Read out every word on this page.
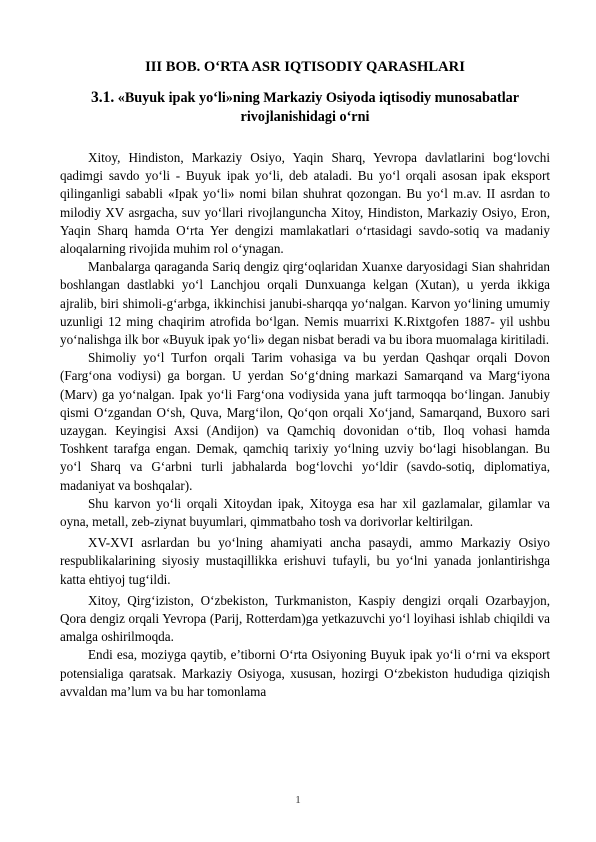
III BOB. O‘RTA ASR IQTISODIY QARASHLARI
3.1. «Buyuk ipak yo‘li»ning Markaziy Osiyoda iqtisodiy munosabatlar rivojlanishidagi o‘rni

Xitoy, Hindiston, Markaziy Osiyo, Yaqin Sharq, Yevropa davlatlarini bog‘lovchi qadimgi savdo yo‘li - Buyuk ipak yo‘li, deb ataladi. Bu yo‘l orqali asosan ipak eksport qilinganligi sababli «Ipak yo‘li» nomi bilan shuhrat qozongan. Bu yo‘l m.av. II asrdan to milodiy XV asrgacha, suv yo‘llari rivojlanguncha Xitoy, Hindiston, Markaziy Osiyo, Eron, Yaqin Sharq hamda O‘rta Yer dengizi mamlakatlari o‘rtasidagi savdo-sotiq va madaniy aloqalarning rivojida muhim rol o‘ynagan.

Manbalarga qaraganda Sariq dengiz qirg‘oqlaridan Xuanxe daryosidagi Sian shahridan boshlangan dastlabki yo‘l Lanchjou orqali Dunxuanga kelgan (Xutan), u yerda ikkiga ajralib, biri shimoli-g‘arbga, ikkinchisi janubi-sharqqa yo‘nalgan. Karvon yo‘lining umumiy uzunligi 12 ming chaqirim atrofida bo‘lgan. Nemis muarrixi K.Rixtgofen 1887- yil ushbu yo‘nalishga ilk bor «Buyuk ipak yo‘li» degan nisbat beradi va bu ibora muomalaga kiritiladi.

Shimoliy yo‘l Turfon orqali Tarim vohasiga va bu yerdan Qashqar orqali Dovon (Farg‘ona vodiysi) ga borgan. U yerdan So‘g‘dning markazi Samarqand va Marg‘iyona (Marv) ga yo‘nalgan. Ipak yo‘li Farg‘ona vodiysida yana juft tarmoqqa bo‘lingan. Janubiy qismi O‘zgandan O‘sh, Quva, Marg‘ilon, Qo‘qon orqali Xo‘jand, Samarqand, Buxoro sari uzaygan. Keyingisi Axsi (Andijon) va Qamchiq dovonidan o‘tib, Iloq vohasi hamda Toshkent tarafga engan. Demak, qamchiq tarixiy yo‘lning uzviy bo‘lagi hisoblangan. Bu yo‘l Sharq va G‘arbni turli jabhalarda bog‘lovchi yo‘ldir (savdo-sotiq, diplomatiya, madaniyat va boshqalar).

Shu karvon yo‘li orqali Xitoydan ipak, Xitoyga esa har xil gazlamalar, gilamlar va oyna, metall, zeb-ziynat buyumlari, qimmatbaho tosh va dorivorlar keltirilgan.

XV-XVI asrlardan bu yo‘lning ahamiyati ancha pasaydi, ammo Markaziy Osiyo respublikalarining siyosiy mustaqillikka erishuvi tufayli, bu yo‘lni yanada jonlantirishga katta ehtiyoj tug‘ildi.

Xitoy, Qirg‘iziston, O‘zbekiston, Turkmaniston, Kaspiy dengizi orqali Ozarbayjon, Qora dengiz orqali Yevropa (Parij, Rotterdam)ga yetkazuvchi yo‘l loyihasi ishlab chiqildi va amalga oshirilmoqda.

Endi esa, moziyga qaytib, e’tiborni O‘rta Osiyoning Buyuk ipak yo‘li o‘rni va eksport potensialiga qaratsak. Markaziy Osiyoga, xususan, hozirgi O‘zbekiston hududiga qiziqish avvaldan ma’lum va bu har tomonlama

1
